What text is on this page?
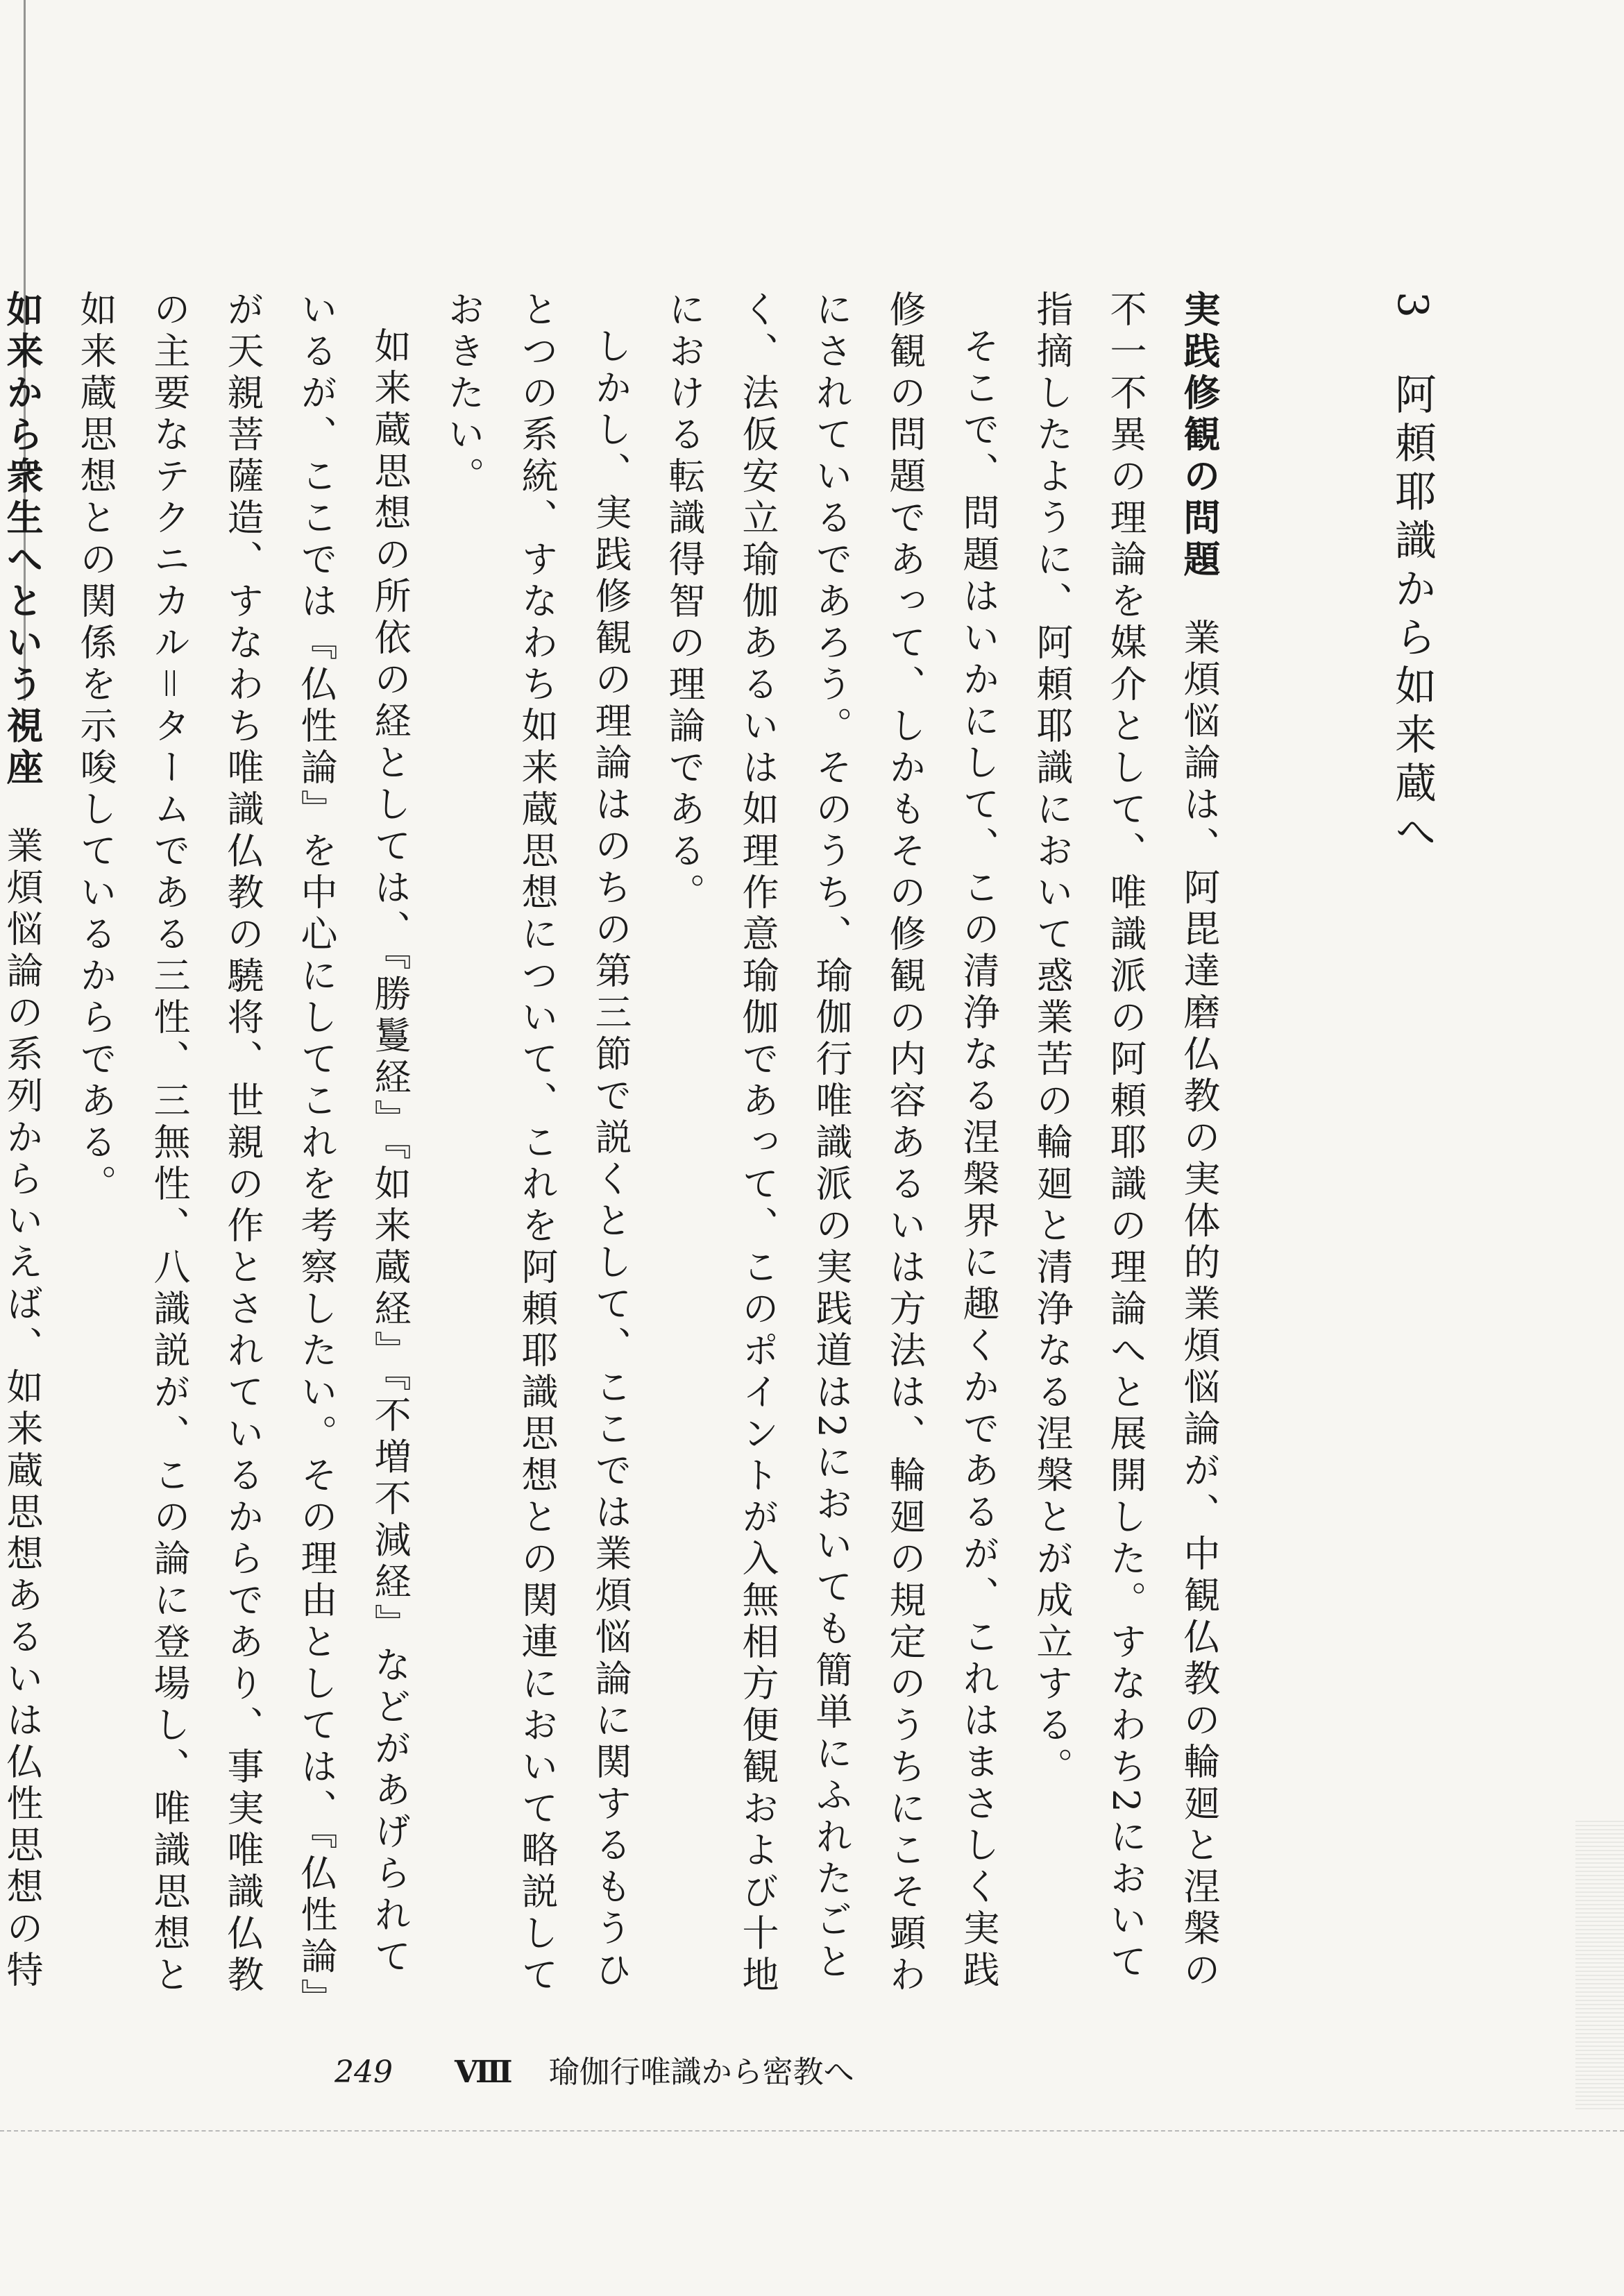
3 阿頼耶識から如来蔵へ

実践修観の問題業煩悩論は、阿毘達磨仏教の実体的業煩悩論が、中観仏教の輪廻と涅槃の不一不異の理論を媒介として、唯識派の阿頼耶識の理論へと展開した。すなわち2において指摘したように、阿頼耶識において惑業苦の輪廻と清浄なる涅槃とが成立する。

そこで、問題はいかにして、この清浄なる涅槃界に趣くかであるが、これはまさしく実践修観の問題であって、しかもその修観の内容あるいは方法は、輪廻の規定のうちにこそ顕わにされているであろう。そのうち、瑜伽行唯識派の実践道は2においても簡単にふれたごとく、法仮安立瑜伽あるいは如理作意瑜伽であって、このポイントが入無相方便観および十地における転識得智の理論である。

しかし、実践修観の理論はのちの第三節で説くとして、ここでは業煩悩論に関するもうひとつの系統、すなわち如来蔵思想について、これを阿頼耶識思想との関連において略説しておきたい。

如来蔵思想の所依の経としては、『勝鬘経』『如来蔵経』『不増不減経』などがあげられているが、ここでは『仏性論』を中心にしてこれを考察したい。その理由としては、『仏性論』が天親菩薩造、すなわち唯識仏教の驍将、世親の作とされているからであり、事実唯識仏教の主要なテクニカル＝タームである三性、三無性、八識説が、この論に登場し、唯識思想と如来蔵思想との関係を示唆しているからである。

如来から衆生へという視座業煩悩論の系列からいえば、如来蔵思想あるいは仏性思想の特

249 Ⅷ 瑜伽行唯識から密教へ
